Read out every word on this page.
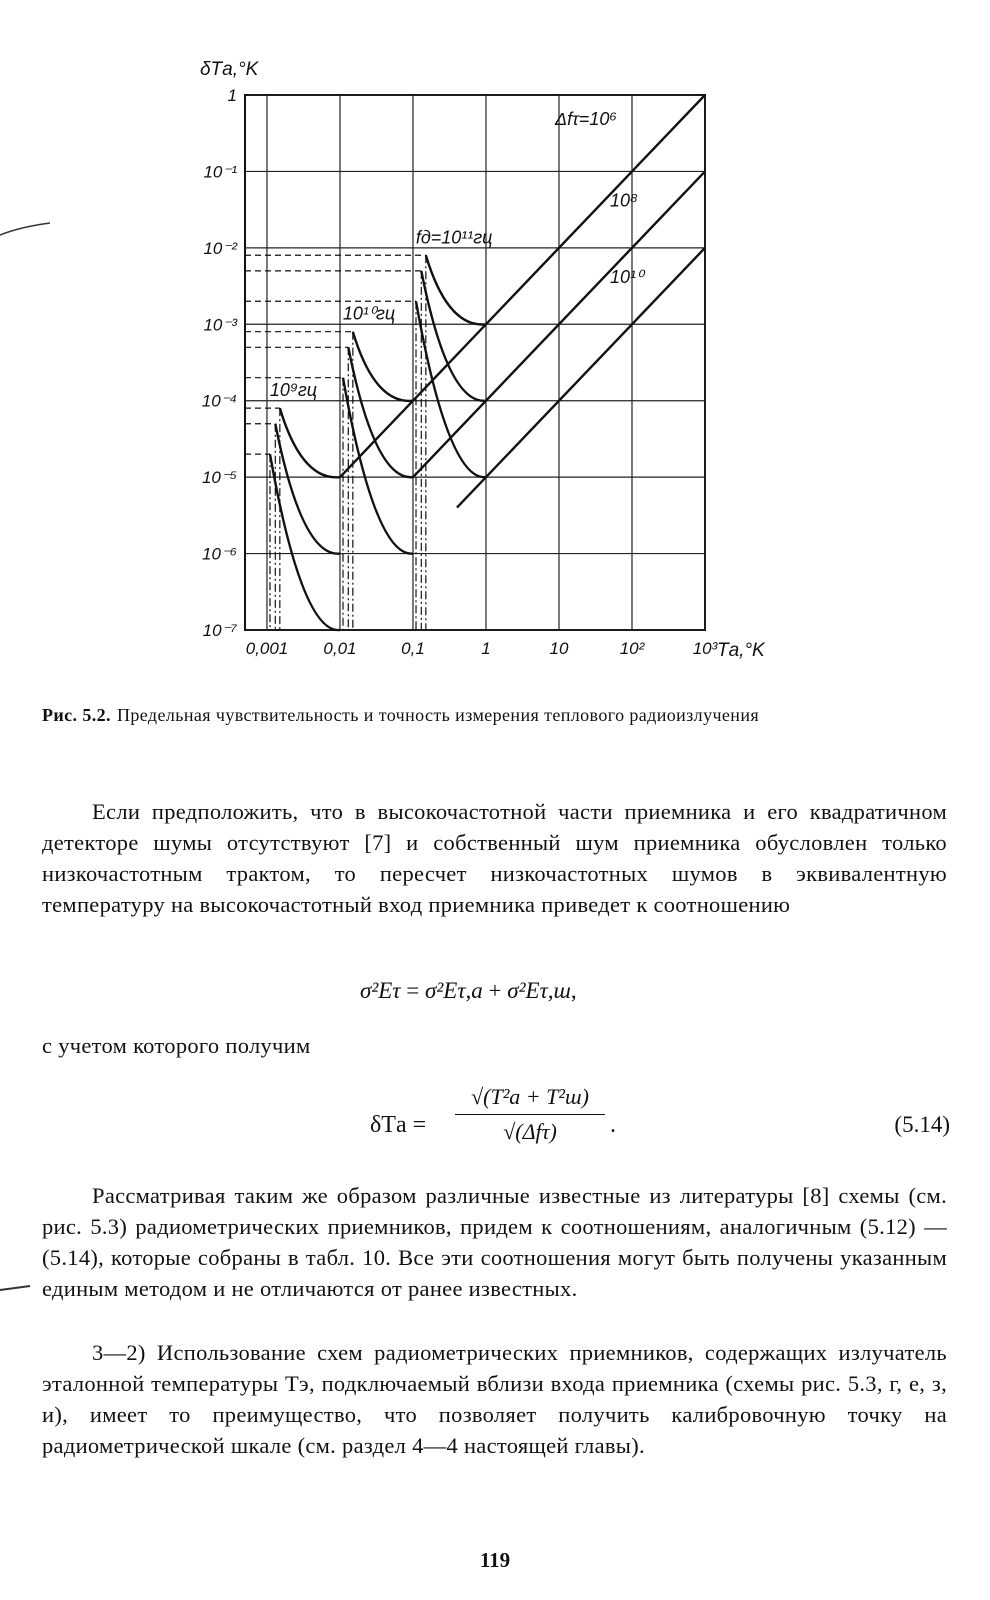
0,001 0,01	0,1	1	10	10²	10³
1
10⁻¹
10⁻²
10⁻³
10⁻⁴
10⁻⁵
10⁻⁶
10⁻⁷
δTа,°K
Tа,°K
Δfτ=10⁶
10⁸
10¹⁰
10⁹гц
10¹⁰гц
fд=10¹¹гц
Рис. 5.2. Предельная чувствительность и точность измерения теплового радиоизлучения

Если предположить, что в высокочастотной части приемника и его квадратичном детекторе шумы отсутствуют [7] и собственный шум приемника обусловлен только низкочастотным трактом, то пересчет низкочастотных шумов в эквивалентную температуру на высокочастотный вход приемника приведет к соотношению

σ²Eτ = σ²Eτ,а + σ²Eτ,ш,

с учетом которого получим

δTа =
√(T²а + T²ш)
√(Δfτ)	.	(5.14)

Рассматривая таким же образом различные известные из литературы [8] схемы (см. рис. 5.3) радиометрических приемников, придем к соотношениям, аналогичным (5.12) — (5.14), которые собраны в табл. 10. Все эти соотношения могут быть получены указанным единым методом и не отличаются от ранее известных.

3—2) Использование схем радиометрических приемников, содержащих излучатель эталонной температуры Tэ, подключаемый вблизи входа приемника (схемы рис. 5.3, г, е, з, и), имеет то преимущество, что позволяет получить калибровочную точку на радиометрической шкале (см. раздел 4—4 настоящей главы).

119
